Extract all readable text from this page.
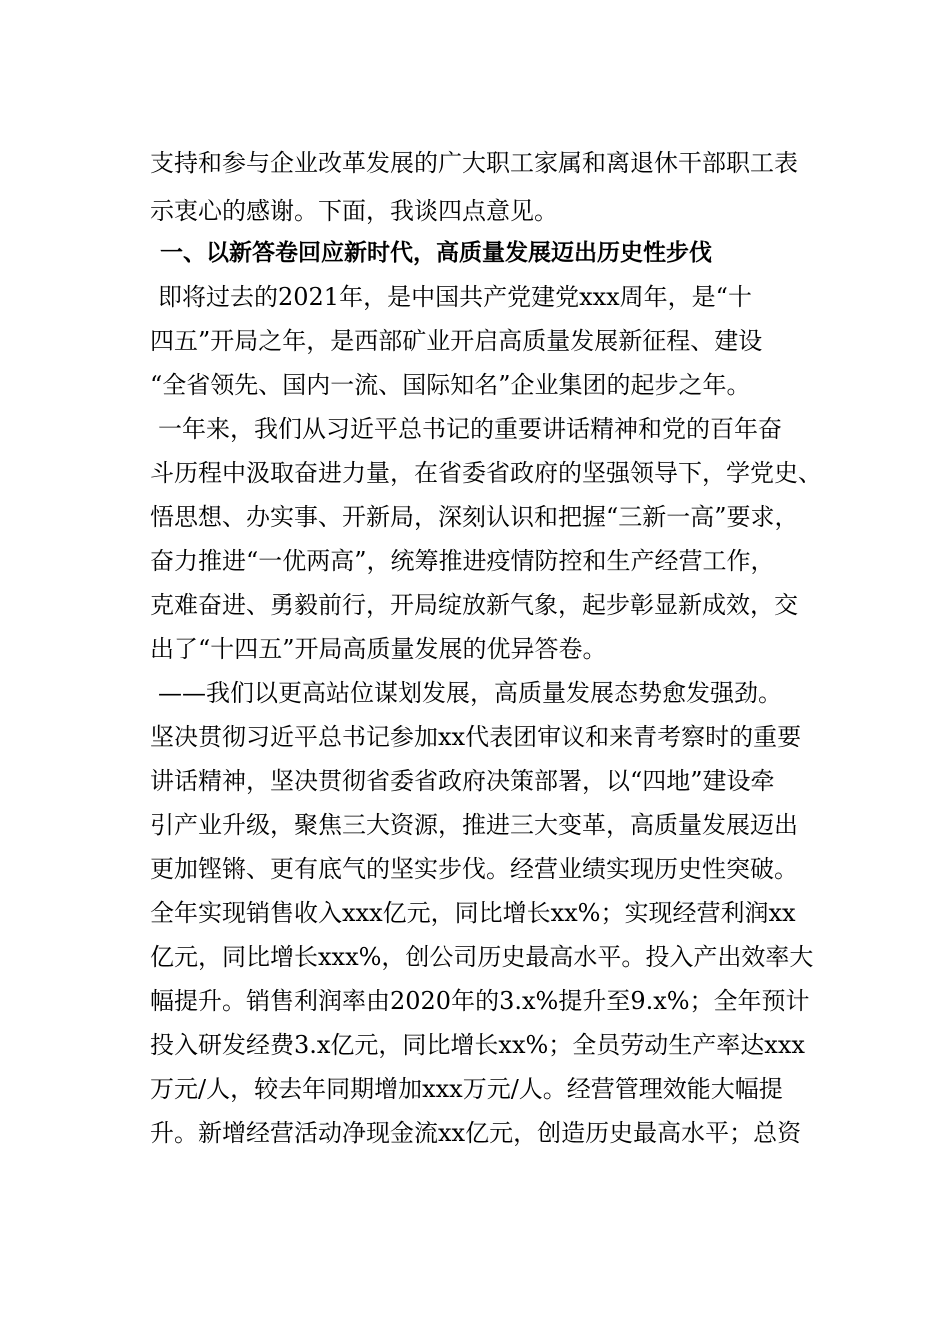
支持和参与企业改革发展的广大职工家属和离退休干部职工表
示衷心的感谢。下面，我谈四点意见。
一、以新答卷回应新时代，高质量发展迈出历史性步伐
即将过去的2021年，是中国共产党建党xxx周年，是“十
四五”开局之年，是西部矿业开启高质量发展新征程、建设
“全省领先、国内一流、国际知名”企业集团的起步之年。
一年来，我们从习近平总书记的重要讲话精神和党的百年奋
斗历程中汲取奋进力量，在省委省政府的坚强领导下，学党史、
悟思想、办实事、开新局，深刻认识和把握“三新一高”要求，
奋力推进“一优两高”，统筹推进疫情防控和生产经营工作，
克难奋进、勇毅前行，开局绽放新气象，起步彰显新成效，交
出了“十四五”开局高质量发展的优异答卷。
——我们以更高站位谋划发展，高质量发展态势愈发强劲。
坚决贯彻习近平总书记参加xx代表团审议和来青考察时的重要
讲话精神，坚决贯彻省委省政府决策部署，以“四地”建设牵
引产业升级，聚焦三大资源，推进三大变革，高质量发展迈出
更加铿锵、更有底气的坚实步伐。经营业绩实现历史性突破。
全年实现销售收入xxx亿元，同比增长xx%；实现经营利润xx
亿元，同比增长xxx%，创公司历史最高水平。投入产出效率大
幅提升。销售利润率由2020年的3.x%提升至9.x%；全年预计
投入研发经费3.x亿元，同比增长xx%；全员劳动生产率达xxx
万元/人，较去年同期增加xxx万元/人。经营管理效能大幅提
升。新增经营活动净现金流xx亿元，创造历史最高水平；总资
